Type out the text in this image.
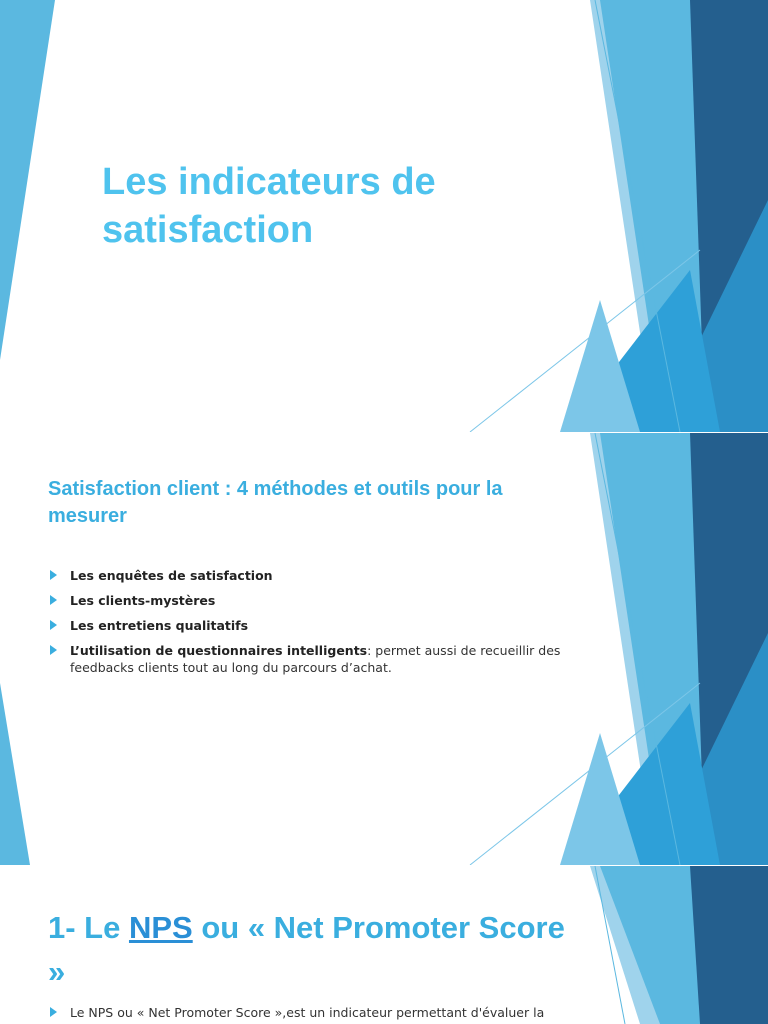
Les indicateurs de satisfaction
Satisfaction client : 4 méthodes et outils pour la mesurer
Les enquêtes de satisfaction
Les clients-mystères
Les entretiens qualitatifs
L’utilisation de questionnaires intelligents: permet aussi de recueillir des feedbacks clients tout au long du parcours d’achat.
1- Le NPS ou « Net Promoter Score »

Le NPS ou « Net Promoter Score »,est un indicateur permettant d'évaluer la
